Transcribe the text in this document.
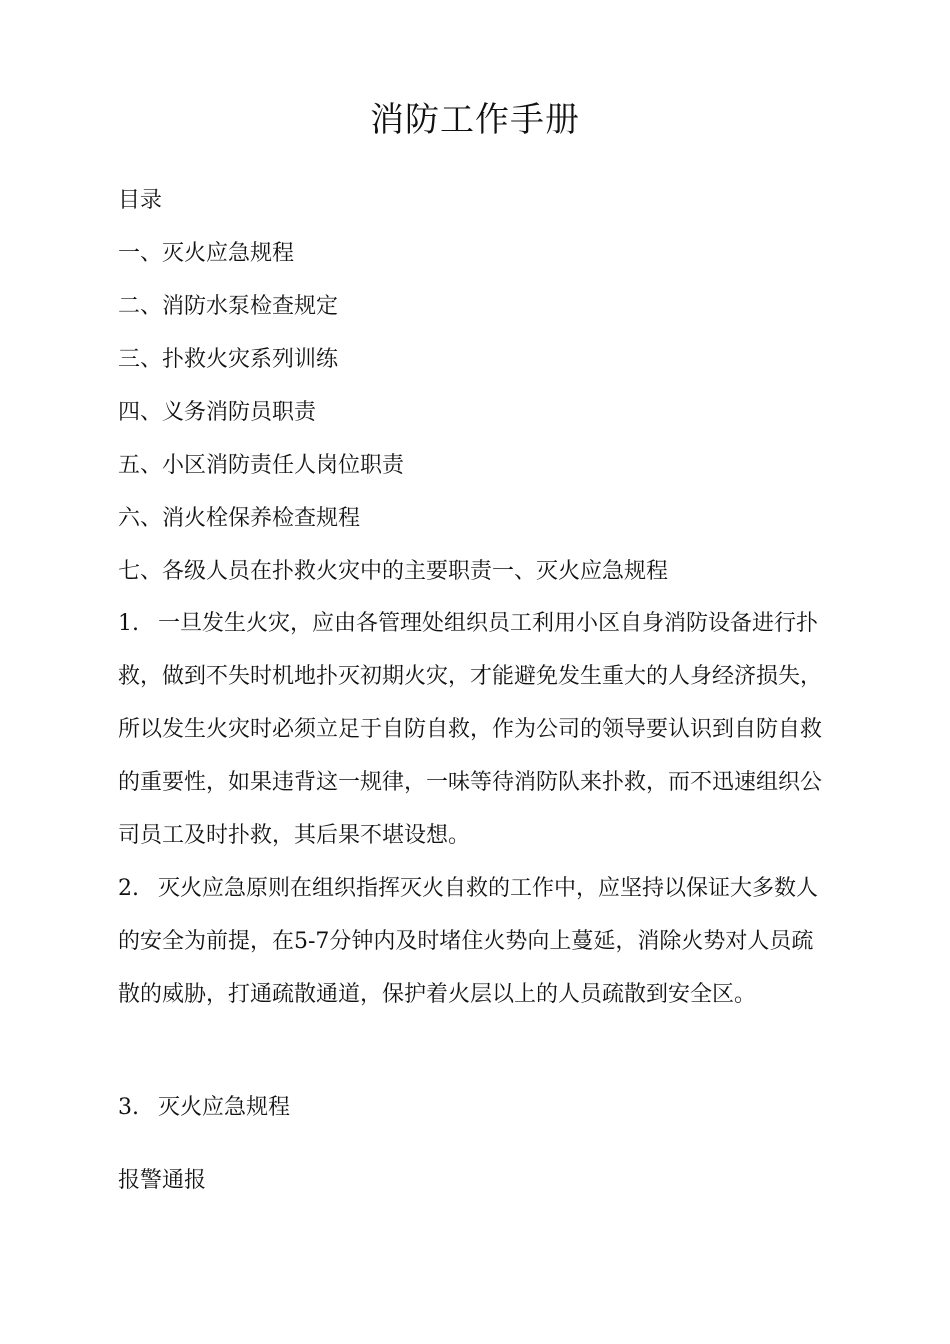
消防工作手册
目录
一、灭火应急规程
二、消防水泵检查规定
三、扑救火灾系列训练
四、义务消防员职责
五、小区消防责任人岗位职责
六、消火栓保养检查规程
七、各级人员在扑救火灾中的主要职责一、灭火应急规程
1. 一旦发生火灾，应由各管理处组织员工利用小区自身消防设备进行扑救，做到不失时机地扑灭初期火灾，才能避免发生重大的人身经济损失，所以发生火灾时必须立足于自防自救，作为公司的领导要认识到自防自救的重要性，如果违背这一规律，一味等待消防队来扑救，而不迅速组织公司员工及时扑救，其后果不堪设想。
2. 灭火应急原则在组织指挥灭火自救的工作中，应坚持以保证大多数人的安全为前提，在5-7分钟内及时堵住火势向上蔓延，消除火势对人员疏散的威胁，打通疏散通道，保护着火层以上的人员疏散到安全区。
3. 灭火应急规程
报警通报
